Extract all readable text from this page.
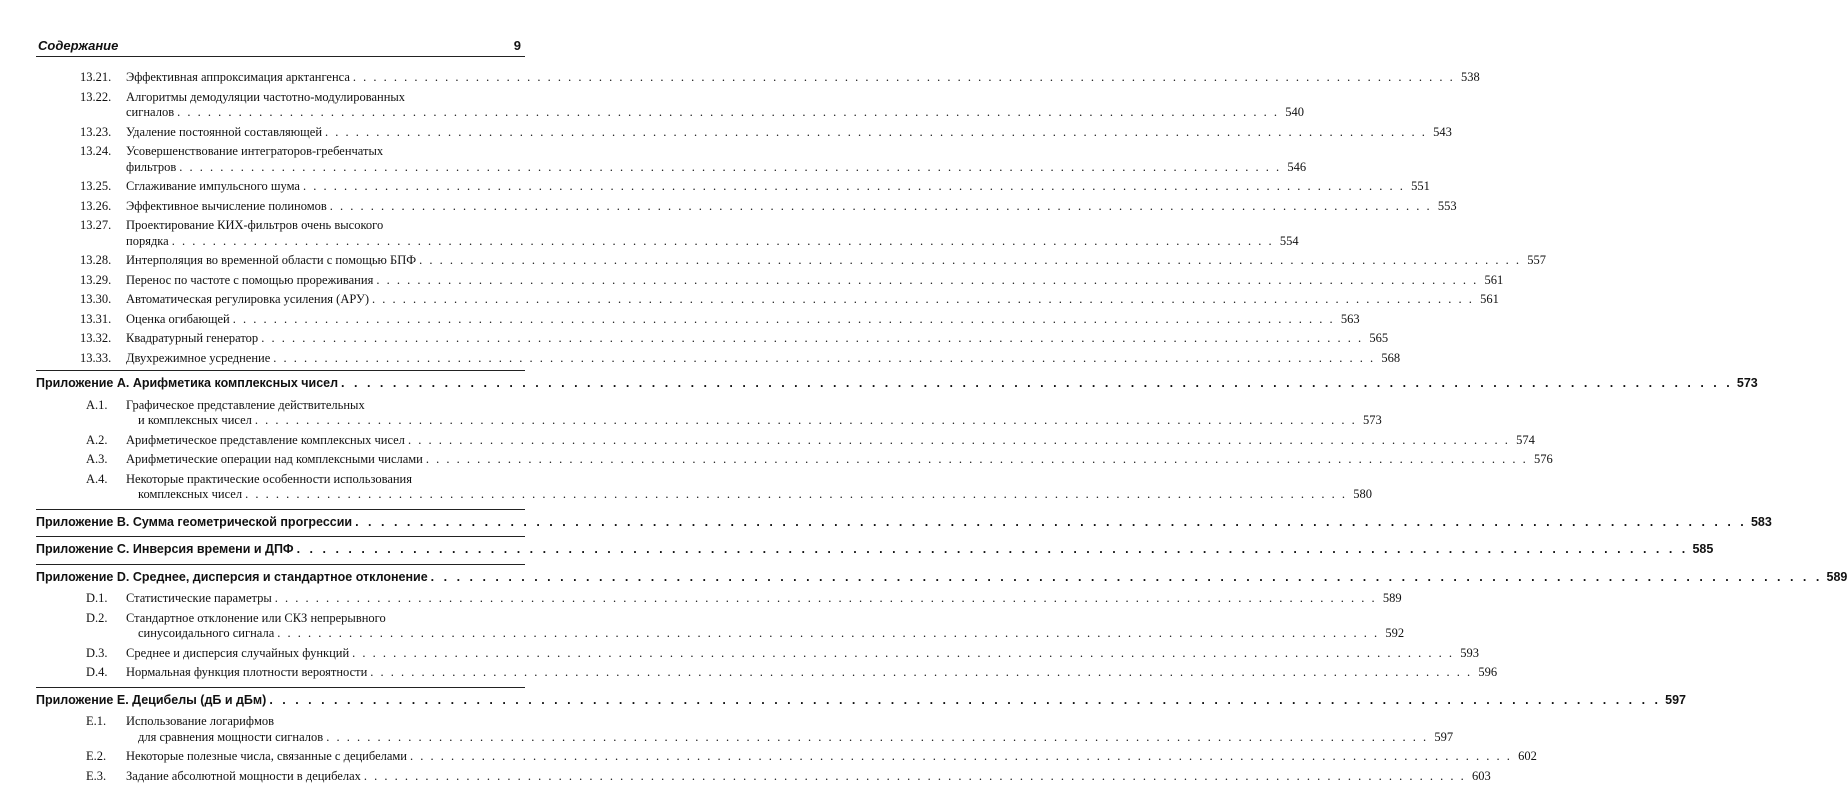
Содержание	9
13.21.	Эффективная аппроксимация арктангенса . . .	538
13.22.	Алгоритмы демодуляции частотно-модулированных
сигналов . . .	540
13.23.	Удаление постоянной составляющей . . .	543
13.24.	Усовершенствование интеграторов-гребенчатых
фильтров . . .	546
13.25.	Сглаживание импульсного шума . . .	551
13.26.	Эффективное вычисление полиномов . . .	553
13.27.	Проектирование КИХ-фильтров очень высокого
порядка . . .	554
13.28.	Интерполяция во временной области с помощью БПФ . . .	557
13.29.	Перенос по частоте с помощью прореживания . . .	561
13.30.	Автоматическая регулировка усиления (АРУ) . . .	561
13.31.	Оценка огибающей . . .	563
13.32.	Квадратурный генератор . . .	565
13.33.	Двухрежимное усреднение . . .	568
Приложение А. Арифметика комплексных чисел . . .	573
А.1.	Графическое представление действительных
и комплексных чисел . . .	573
А.2.	Арифметическое представление комплексных чисел . . .	574
А.3.	Арифметические операции над комплексными числами . . .	576
А.4.	Некоторые практические особенности использования
комплексных чисел . . .	580
Приложение В. Сумма геометрической прогрессии . . .	583
Приложение С. Инверсия времени и ДПФ . . .	585
Приложение D. Среднее, дисперсия и стандартное отклонение . . .	589
D.1.	Статистические параметры . . .	589
D.2.	Стандартное отклонение или СКЗ непрерывного
синусоидального сигнала . . .	592
D.3.	Среднее и дисперсия случайных функций . . .	593
D.4.	Нормальная функция плотности вероятности . . .	596
Приложение Е. Децибелы (дБ и дБм) . . .	597
Е.1.	Использование логарифмов
для сравнения мощности сигналов . . .	597
Е.2.	Некоторые полезные числа, связанные с децибелами . . .	602
Е.3.	Задание абсолютной мощности в децибелах . . .	603
